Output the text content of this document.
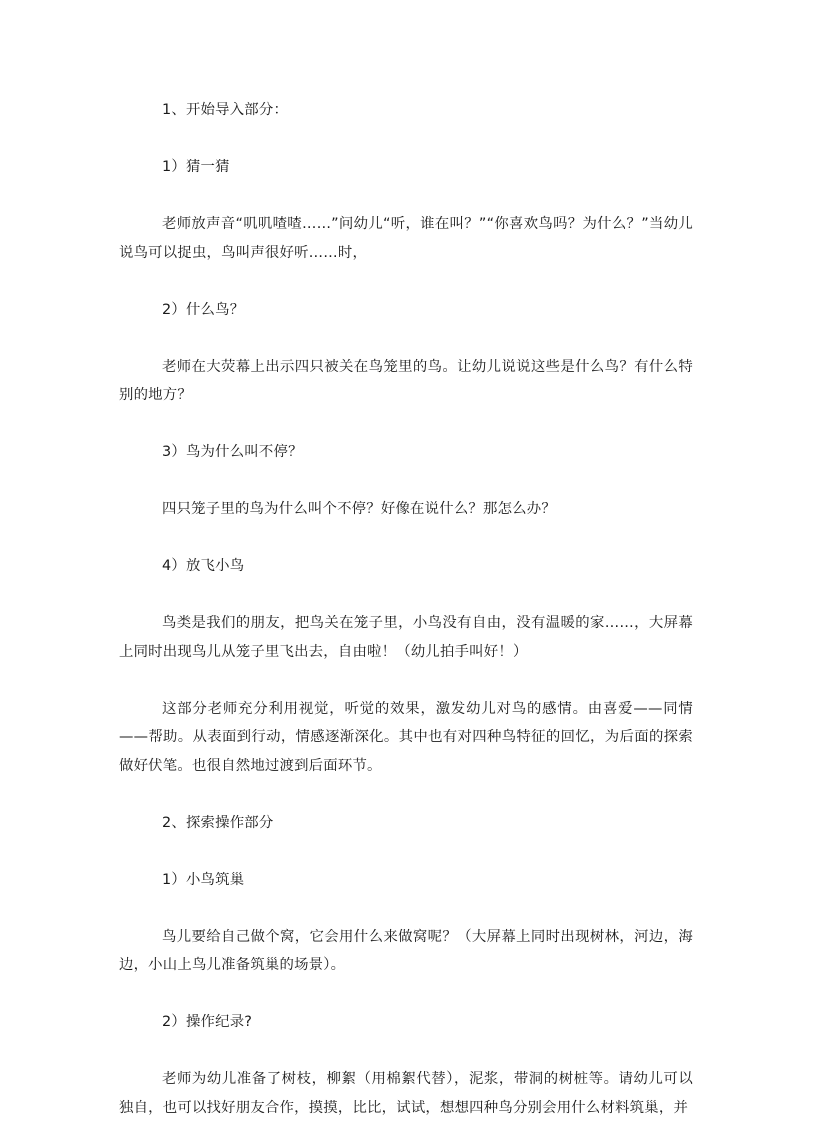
1、开始导入部分：

1）猜一猜

老师放声音“叽叽喳喳……”问幼儿“听，谁在叫？”“你喜欢鸟吗？为什么？”当幼儿说鸟可以捉虫，鸟叫声很好听……时，

2）什么鸟？

老师在大荧幕上出示四只被关在鸟笼里的鸟。让幼儿说说这些是什么鸟？有什么特别的地方？

3）鸟为什么叫不停？

四只笼子里的鸟为什么叫个不停？好像在说什么？那怎么办？

4）放飞小鸟

鸟类是我们的朋友，把鸟关在笼子里，小鸟没有自由，没有温暖的家……，大屏幕上同时出现鸟儿从笼子里飞出去，自由啦！（幼儿拍手叫好！）

这部分老师充分利用视觉，听觉的效果，激发幼儿对鸟的感情。由喜爱——同情——帮助。从表面到行动，情感逐渐深化。其中也有对四种鸟特征的回忆，为后面的探索做好伏笔。也很自然地过渡到后面环节。

2、探索操作部分

1）小鸟筑巢

鸟儿要给自己做个窝，它会用什么来做窝呢？（大屏幕上同时出现树林，河边，海边，小山上鸟儿准备筑巢的场景）。

2）操作纪录?

老师为幼儿准备了树枝，柳絮（用棉絮代替），泥浆，带洞的树桩等。请幼儿可以独自，也可以找好朋友合作，摸摸，比比，试试，想想四种鸟分别会用什么材料筑巢，并
